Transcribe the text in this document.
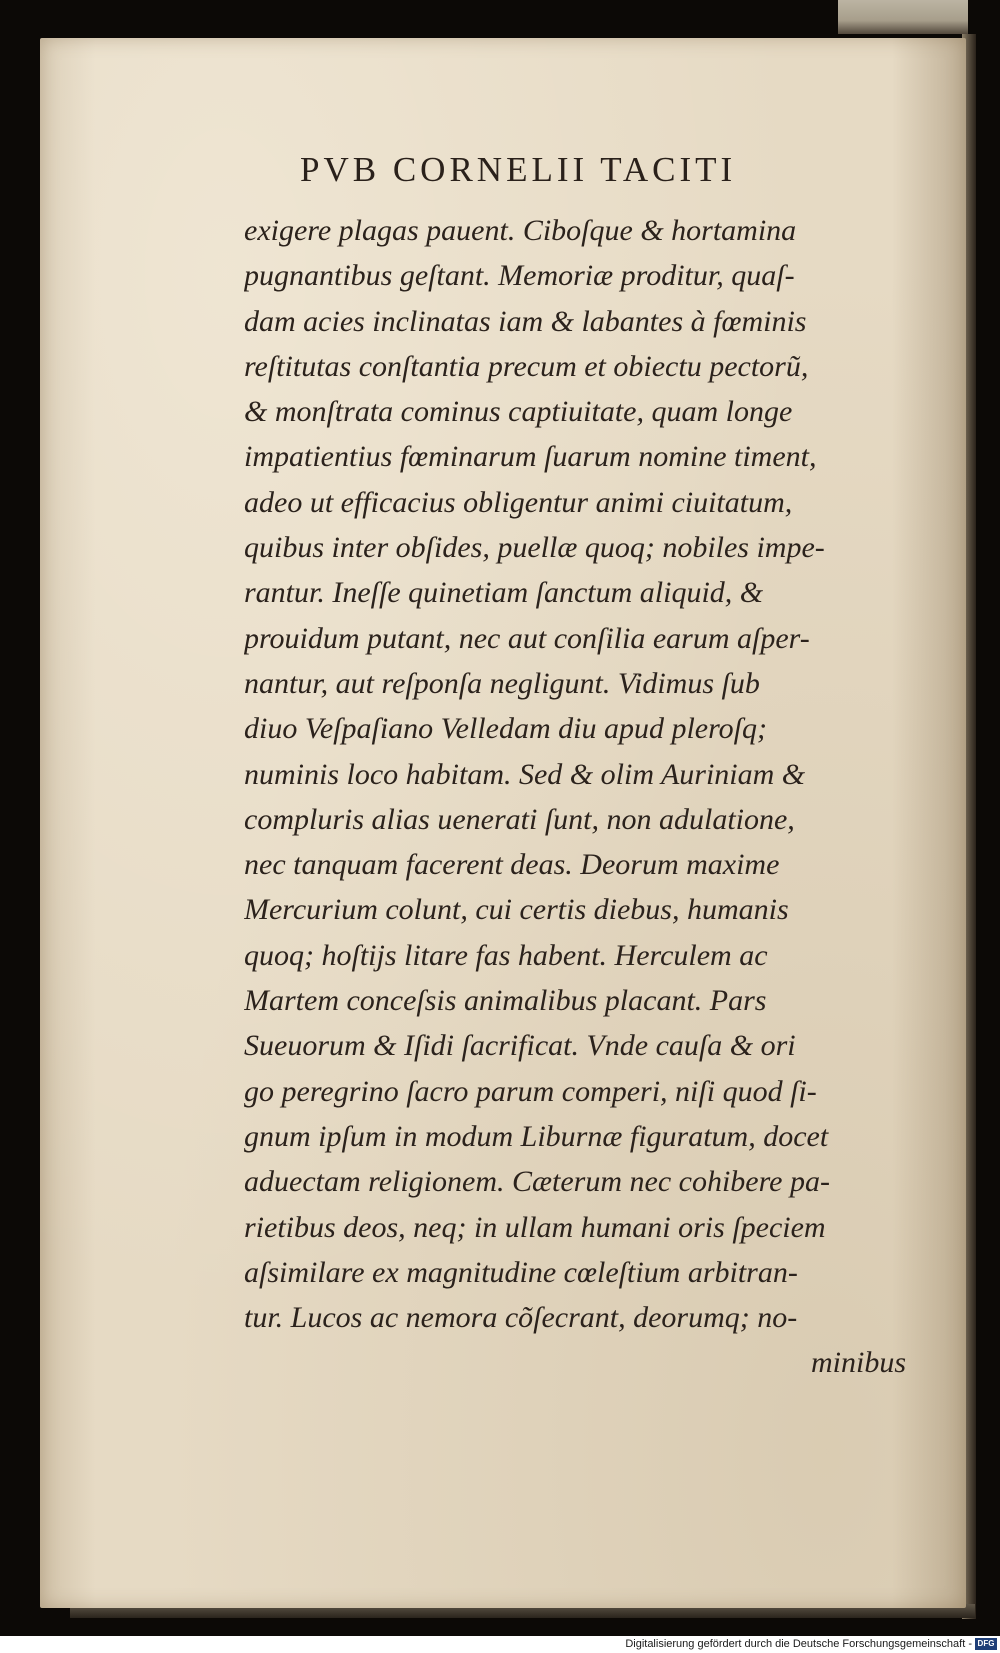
PVB CORNELII TACITI
exigere plagas pauent. Ciboſque & hortamina
pugnantibus geſtant. Memoriæ proditur, quaſ-
dam acies inclinatas iam & labantes à fœminis
reſtitutas conſtantia precum et obiectu pectorũ,
& monſtrata cominus captiuitate, quam longe
impatientius fœminarum ſuarum nomine timent,
adeo ut efficacius obligentur animi ciuitatum,
quibus inter obſides, puellæ quoq; nobiles impe-
rantur. Ineſſe quinetiam ſanctum aliquid, &
prouidum putant, nec aut conſilia earum aſper-
nantur, aut reſponſa negligunt. Vidimus ſub
diuo Veſpaſiano Velledam diu apud pleroſq;
numinis loco habitam. Sed & olim Auriniam &
compluris alias uenerati ſunt, non adulatione,
nec tanquam facerent deas. Deorum maxime
Mercurium colunt, cui certis diebus, humanis
quoq; hoſtijs litare fas habent. Herculem ac
Martem conceſsis animalibus placant. Pars
Sueuorum & Iſidi ſacrificat. Vnde cauſa & ori
go peregrino ſacro parum comperi, niſi quod ſi-
gnum ipſum in modum Liburnæ figuratum, docet
aduectam religionem. Cæterum nec cohibere pa-
rietibus deos, neq; in ullam humani oris ſpeciem
aſsimilare ex magnitudine cœleſtium arbitran-
tur. Lucos ac nemora cõſecrant, deorumq; no-
minibus
Digitalisierung gefördert durch die Deutsche Forschungsgemeinschaft - DFG
